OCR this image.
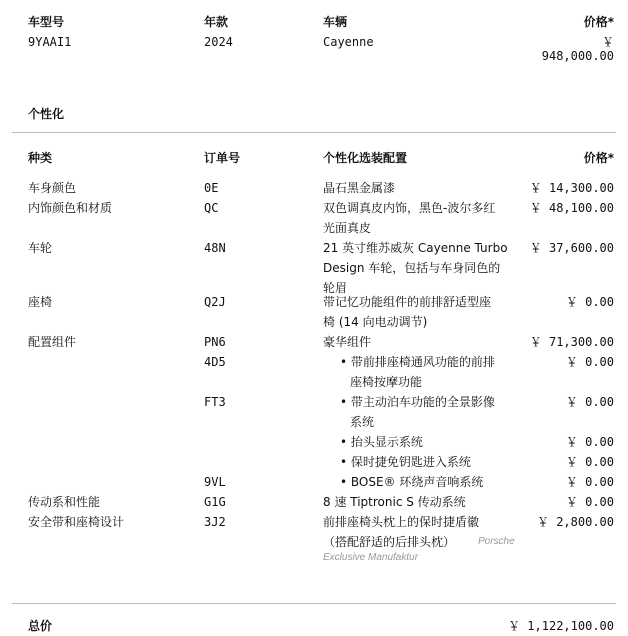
车型号	年款	车辆	价格*
9YAAI1	2024	Cayenne	￥
948,000.00
个性化
种类	订单号	个性化选装配置	价格*
车身颜色	0E	晶石黑金属漆	￥ 14,300.00
内饰颜色和材质	QC	双色调真皮内饰，黑色-波尔多红
光面真皮
￥ 48,100.00
车轮	48N	21 英寸维苏威灰 Cayenne Turbo
Design 车轮，包括与车身同色的
轮眉
￥ 37,600.00
座椅	Q2J	带记忆功能组件的前排舒适型座
椅 (14 向电动调节)
￥ 0.00
配置组件	PN6	豪华组件	￥ 71,300.00
4D5	• 带前排座椅通风功能的前排
座椅按摩功能
￥ 0.00
FT3	• 带主动泊车功能的全景影像
系统
￥ 0.00
• 抬头显示系统	￥ 0.00
• 保时捷免钥匙进入系统	￥ 0.00
9VL	• BOSE® 环绕声音响系统	￥ 0.00
传动系和性能	G1G	8 速 Tiptronic S 传动系统	￥ 0.00
安全带和座椅设计	3J2	前排座椅头枕上的保时捷盾徽
（搭配舒适的后排头枕） Porsche
Exclusive Manufaktur
￥ 2,800.00
总价	￥ 1,122,100.00
